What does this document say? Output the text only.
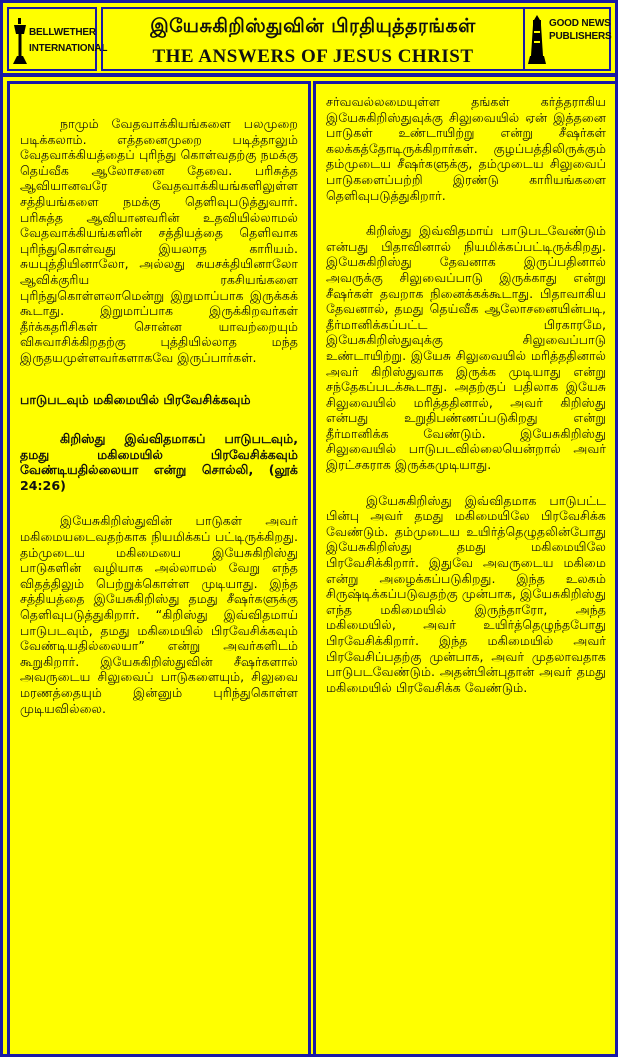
BELLWETHER
INTERNATIONAL
இயேசுகிறிஸ்துவின் பிரதியுத்தரங்கள்
THE ANSWERS OF JESUS CHRIST
GOOD NEWS
PUBLISHERS

நாமும் வேதவாக்கியங்களை பலமுறை படிக்கலாம். எத்தனைமுறை படித்தாலும் வேதவாக்கியத்தைப் புரிந்து கொள்வதற்கு நமக்கு தெய்வீக ஆலோசனை தேவை. பரிசுத்த ஆவியானவரே வேதவாக்கியங்களிலுள்ள சத்தியங்களை நமக்கு தெளிவுபடுத்துவார். பரிசுத்த ஆவியானவரின் உதவியில்லாமல் வேதவாக்கியங்களின் சத்தியத்தை தெளிவாக புரிந்துகொள்வது இயலாத காரியம். சுயபுத்தியினாலோ, அல்லது சுயசக்தியினாலோ ஆவிக்குரிய ரகசியங்களை புரிந்துகொள்ளலாமென்று இறுமாப்பாக இருக்கக் கூடாது. இறுமாப்பாக இருக்கிறவர்கள் தீர்க்கதரிசிகள் சொன்ன யாவற்றையும் விசுவாசிக்கிறதற்கு புத்தியில்லாத மந்த இருதயமுள்ளவர்களாகவே இருப்பார்கள்.

பாடுபடவும் மகிமையில் பிரவேசிக்கவும்

கிறிஸ்து இவ்விதமாகப் பாடுபடவும், தமது மகிமையில் பிரவேசிக்கவும் வேண்டியதில்லையா என்று சொல்லி, (லூக் 24:26)

இயேசுகிறிஸ்துவின் பாடுகள் அவர் மகிமையடைவதற்காக நியமிக்கப் பட்டிருக்கிறது. தம்முடைய மகிமையை இயேசுகிறிஸ்து பாடுகளின் வழியாக அல்லாமல் வேறு எந்த விதத்திலும் பெற்றுக்கொள்ள முடியாது. இந்த சத்தியத்தை இயேசுகிறிஸ்து தமது சீஷர்களுக்கு தெளிவுபடுத்துகிறார். “கிறிஸ்து இவ்விதமாய் பாடுபடவும், தமது மகிமையில் பிரவேசிக்கவும் வேண்டியதில்லையா” என்று அவர்களிடம் கூறுகிறார். இயேசுகிறிஸ்துவின் சீஷர்களால் அவருடைய சிலுவைப் பாடுகளையும், சிலுவை மரணத்தையும் இன்னும் புரிந்துகொள்ள முடியவில்லை.

சர்வவல்லமையுள்ள தங்கள் கர்த்தராகிய இயேசுகிறிஸ்துவுக்கு சிலுவையில் ஏன் இத்தனை பாடுகள் உண்டாயிற்று என்று சீஷர்கள் கலக்கத்தோடிருக்கிறார்கள். குழப்பத்திலிருக்கும் தம்முடைய சீஷர்களுக்கு, தம்முடைய சிலுவைப் பாடுகளைப்பற்றி இரண்டு காரியங்களை தெளிவுபடுத்துகிறார்.

கிறிஸ்து இவ்விதமாய் பாடுபடவேண்டும் என்பது பிதாவினால் நியமிக்கப்பட்டிருக்கிறது. இயேசுகிறிஸ்து தேவனாக இருப்பதினால் அவருக்கு சிலுவைப்பாடு இருக்காது என்று சீஷர்கள் தவறாக நினைக்கக்கூடாது. பிதாவாகிய தேவனால், தமது தெய்வீக ஆலோசனையின்படி, தீர்மானிக்கப்பட்ட பிரகாரமே, இயேசுகிறிஸ்துவுக்கு சிலுவைப்பாடு உண்டாயிற்று. இயேசு சிலுவையில் மரித்ததினால் அவர் கிறிஸ்துவாக இருக்க முடியாது என்று சந்தேகப்படக்கூடாது. அதற்குப் பதிலாக இயேசு சிலுவையில் மரித்ததினால், அவர் கிறிஸ்து என்பது உறுதிபண்ணப்படுகிறது என்று தீர்மானிக்க வேண்டும். இயேசுகிறிஸ்து சிலுவையில் பாடுபடவில்லையென்றால் அவர் இரட்சகராக இருக்கமுடியாது.

இயேசுகிறிஸ்து இவ்விதமாக பாடுபட்ட பின்பு அவர் தமது மகிமையிலே பிரவேசிக்க வேண்டும். தம்முடைய உயிர்த்தெழுதலின்போது இயேசுகிறிஸ்து தமது மகிமையிலே பிரவேசிக்கிறார். இதுவே அவருடைய மகிமை என்று அழைக்கப்படுகிறது. இந்த உலகம் சிருஷ்டிக்கப்படுவதற்கு முன்பாக, இயேசுகிறிஸ்து எந்த மகிமையில் இருந்தாரோ, அந்த மகிமையில், அவர் உயிர்த்தெழுந்தபோது பிரவேசிக்கிறார். இந்த மகிமையில் அவர் பிரவேசிப்பதற்கு முன்பாக, அவர் முதலாவதாக பாடுபடவேண்டும். அதன்பின்புதான் அவர் தமது மகிமையில் பிரவேசிக்க வேண்டும்.
